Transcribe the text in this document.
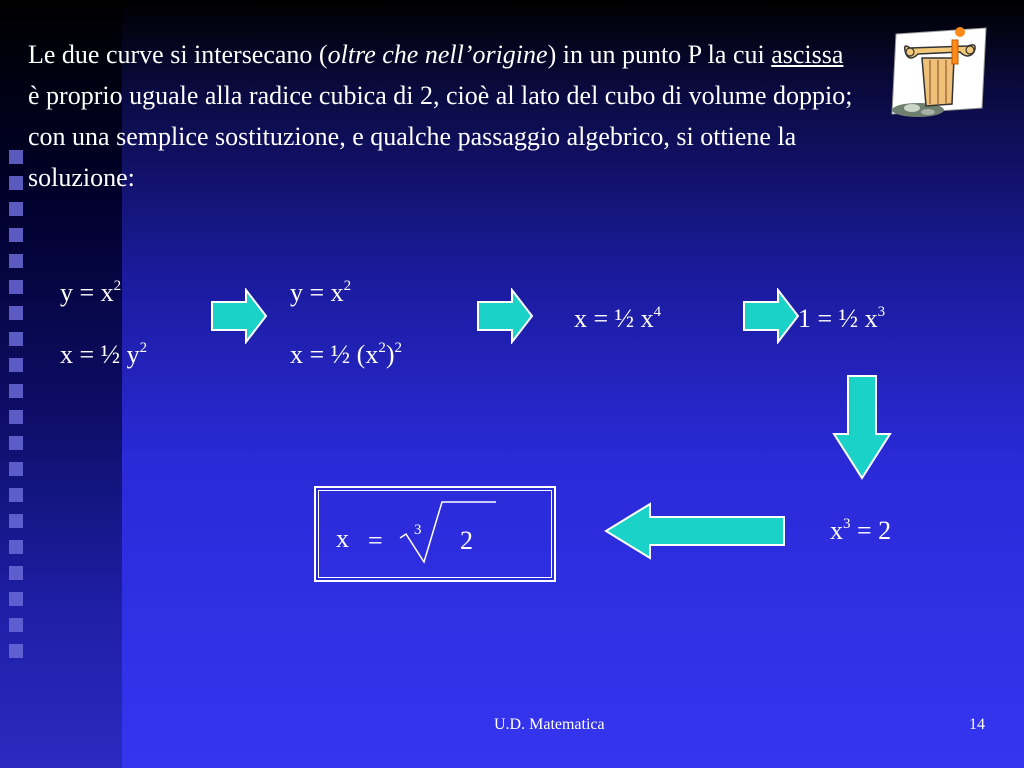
Le due curve si intersecano (oltre che nell’origine) in un punto P la cui ascissa è proprio uguale alla radice cubica di 2, cioè al lato del cubo di volume doppio; con una semplice sostituzione, e qualche passaggio algebrico, si ottiene la soluzione:

$y = x^2$
x = ½ $y^2$
$y = x^2$
x = ½ $(x^2)^2$
x = ½ $x^4$	1 = ½ $x^3$
$x^3 = 2$
x = 3 2
U.D. Matematica	14
